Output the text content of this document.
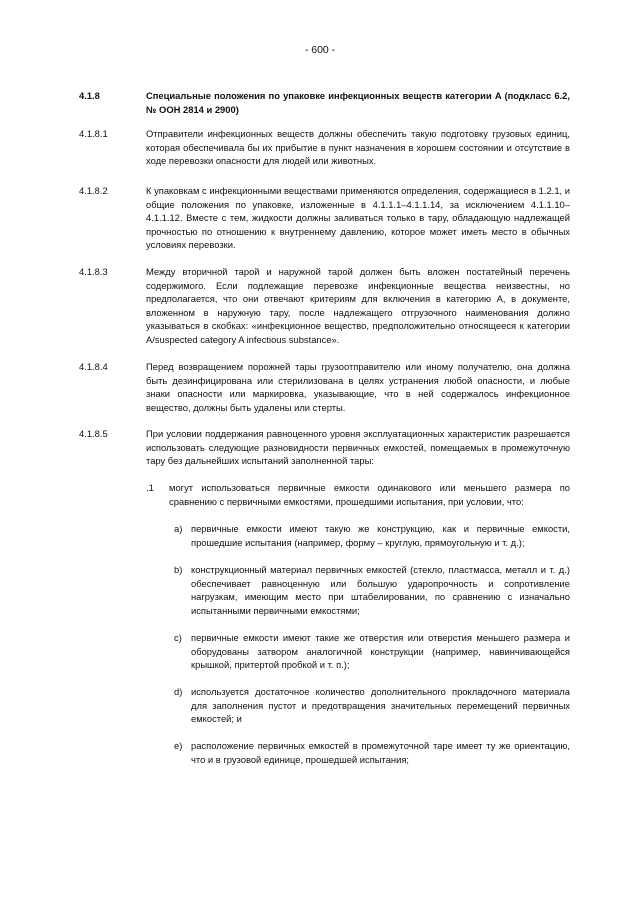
- 600 -
4.1.8	Специальные положения по упаковке инфекционных веществ категории A (подкласс 6.2, № ООН 2814 и 2900)
4.1.8.1	Отправители инфекционных веществ должны обеспечить такую подготовку грузовых единиц, которая обеспечивала бы их прибытие в пункт назначения в хорошем состоянии и отсутствие в ходе перевозки опасности для людей или животных.
4.1.8.2	К упаковкам с инфекционными веществами применяются определения, содержащиеся в 1.2.1, и общие положения по упаковке, изложенные в 4.1.1.1–4.1.1.14, за исключением 4.1.1.10–4.1.1.12. Вместе с тем, жидкости должны заливаться только в тару, обладающую надлежащей прочностью по отношению к внутреннему давлению, которое может иметь место в обычных условиях перевозки.
4.1.8.3	Между вторичной тарой и наружной тарой должен быть вложен постатейный перечень содержимого. Если подлежащие перевозке инфекционные вещества неизвестны, но предполагается, что они отвечают критериям для включения в категорию A, в документе, вложенном в наружную тару, после надлежащего отгрузочного наименования должно указываться в скобках: «инфекционное вещество, предположительно относящееся к категории A/suspected category A infectious substance».
4.1.8.4	Перед возвращением порожней тары грузоотправителю или иному получателю, она должна быть дезинфицирована или стерилизована в целях устранения любой опасности, и любые знаки опасности или маркировка, указывающие, что в ней содержалось инфекционное вещество, должны быть удалены или стерты.
4.1.8.5	При условии поддержания равноценного уровня эксплуатационных характеристик разрешается использовать следующие разновидности первичных емкостей, помещаемых в промежуточную тару без дальнейших испытаний заполненной тары:
.1 могут использоваться первичные емкости одинакового или меньшего размера по сравнению с первичными емкостями, прошедшими испытания, при условии, что:
a) первичные емкости имеют такую же конструкцию, как и первичные емкости, прошедшие испытания (например, форму – круглую, прямоугольную и т. д.);
b) конструкционный материал первичных емкостей (стекло, пластмасса, металл и т. д.) обеспечивает равноценную или большую ударопрочность и сопротивление нагрузкам, имеющим место при штабелировании, по сравнению с изначально испытанными первичными емкостями;
c) первичные емкости имеют такие же отверстия или отверстия меньшего размера и оборудованы затвором аналогичной конструкции (например, навинчивающейся крышкой, притертой пробкой и т. п.);
d) используется достаточное количество дополнительного прокладочного материала для заполнения пустот и предотвращения значительных перемещений первичных емкостей; и
e) расположение первичных емкостей в промежуточной таре имеет ту же ориентацию, что и в грузовой единице, прошедшей испытания;
